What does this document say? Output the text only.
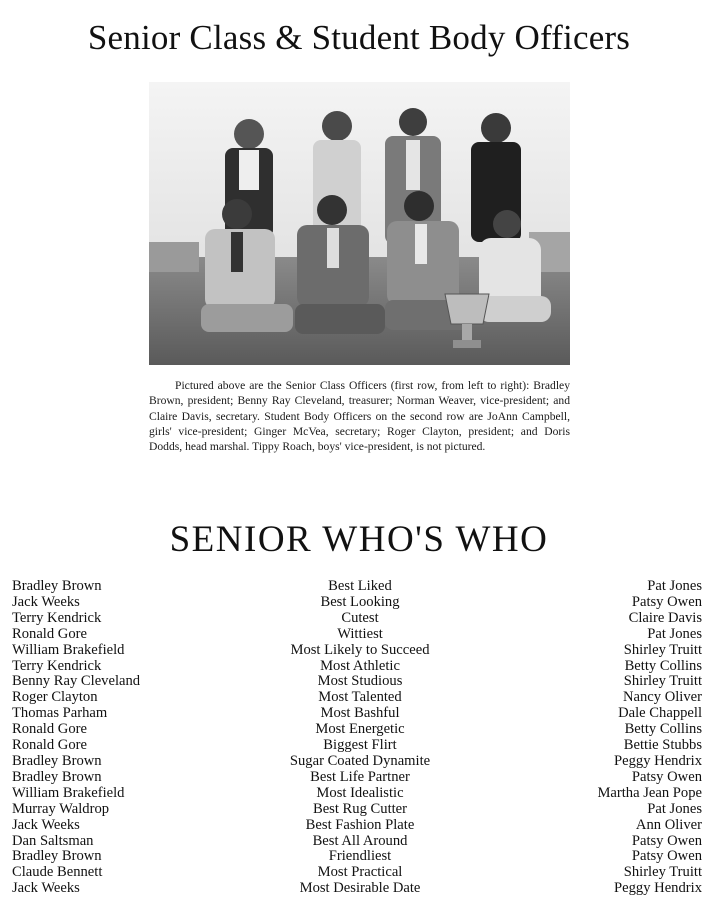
Senior Class & Student Body Officers
Pictured above are the Senior Class Officers (first row, from left to right): Bradley Brown, president; Benny Ray Cleveland, treasurer; Norman Weaver, vice-president; and Claire Davis, secretary. Student Body Officers on the second row are JoAnn Campbell, girls' vice-president; Ginger McVea, secretary; Roger Clayton, president; and Doris Dodds, head marshal. Tippy Roach, boys' vice-president, is not pictured.
SENIOR WHO'S WHO
Bradley Brown
Jack Weeks
Terry Kendrick
Ronald Gore
William Brakefield
Terry Kendrick
Benny Ray Cleveland
Roger Clayton
Thomas Parham
Ronald Gore
Ronald Gore
Bradley Brown
Bradley Brown
William Brakefield
Murray Waldrop
Jack Weeks
Dan Saltsman
Bradley Brown
Claude Bennett
Jack Weeks
Best Liked
Best Looking
Cutest
Wittiest
Most Likely to Succeed
Most Athletic
Most Studious
Most Talented
Most Bashful
Most Energetic
Biggest Flirt
Sugar Coated Dynamite
Best Life Partner
Most Idealistic
Best Rug Cutter
Best Fashion Plate
Best All Around
Friendliest
Most Practical
Most Desirable Date
Pat Jones
Patsy Owen
Claire Davis
Pat Jones
Shirley Truitt
Betty Collins
Shirley Truitt
Nancy Oliver
Dale Chappell
Betty Collins
Bettie Stubbs
Peggy Hendrix
Patsy Owen
Martha Jean Pope
Pat Jones
Ann Oliver
Patsy Owen
Patsy Owen
Shirley Truitt
Peggy Hendrix
